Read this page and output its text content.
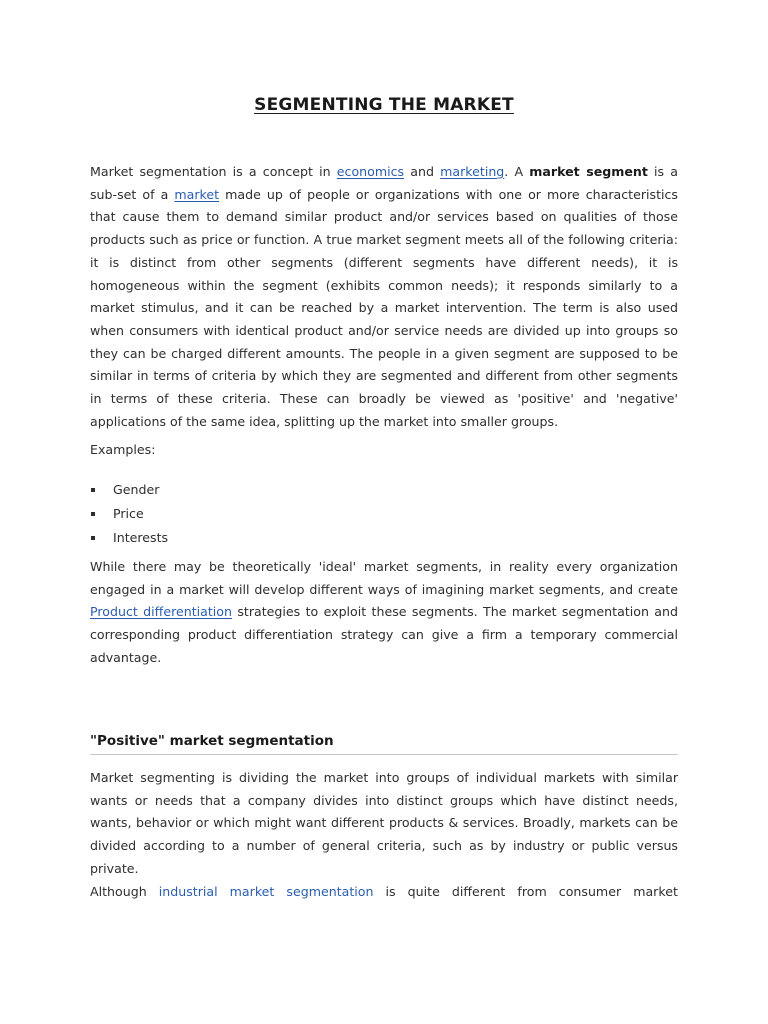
SEGMENTING THE MARKET

Market segmentation is a concept in economics and marketing. A market segment is a sub-set of a market made up of people or organizations with one or more characteristics that cause them to demand similar product and/or services based on qualities of those products such as price or function. A true market segment meets all of the following criteria: it is distinct from other segments (different segments have different needs), it is homogeneous within the segment (exhibits common needs); it responds similarly to a market stimulus, and it can be reached by a market intervention. The term is also used when consumers with identical product and/or service needs are divided up into groups so they can be charged different amounts. The people in a given segment are supposed to be similar in terms of criteria by which they are segmented and different from other segments in terms of these criteria. These can broadly be viewed as 'positive' and 'negative' applications of the same idea, splitting up the market into smaller groups.

Examples:
Gender
Price
Interests

While there may be theoretically 'ideal' market segments, in reality every organization engaged in a market will develop different ways of imagining market segments, and create Product differentiation strategies to exploit these segments. The market segmentation and corresponding product differentiation strategy can give a firm a temporary commercial advantage.

"Positive" market segmentation
Market segmenting is dividing the market into groups of individual markets with similar wants or needs that a company divides into distinct groups which have distinct needs, wants, behavior or which might want different products & services. Broadly, markets can be divided according to a number of general criteria, such as by industry or public versus private.
Although industrial market segmentation is quite different from consumer market
